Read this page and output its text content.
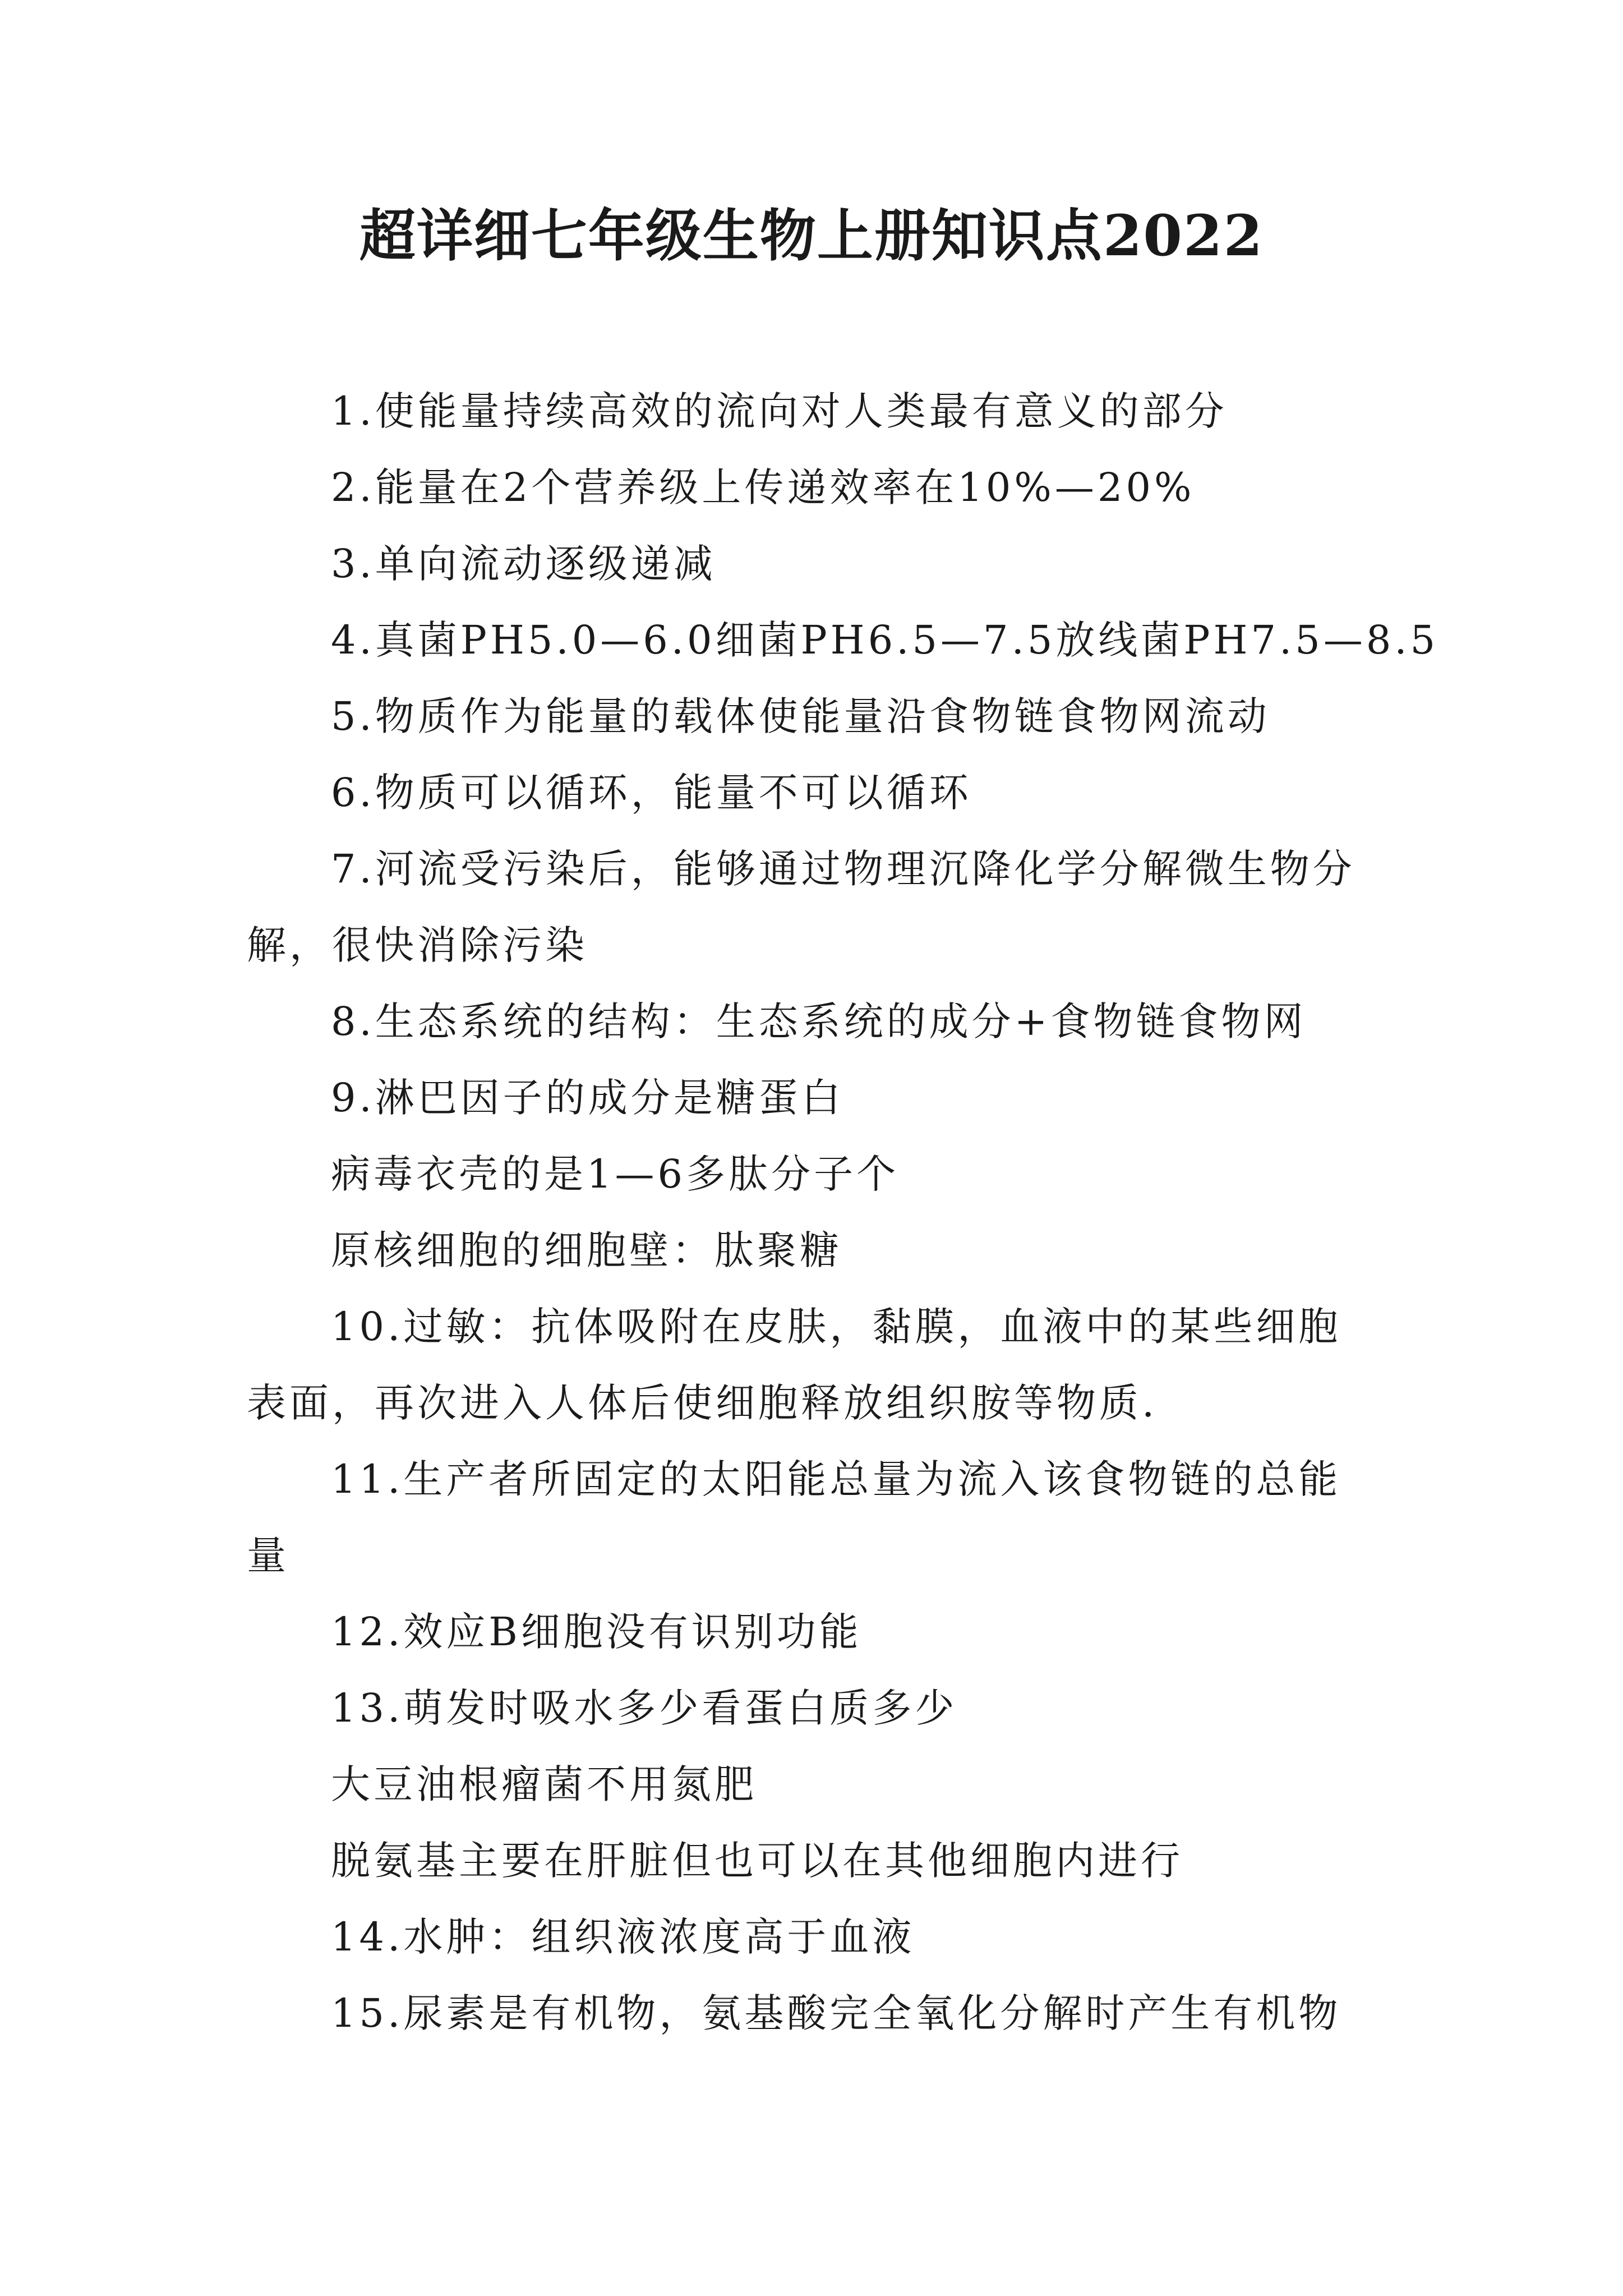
超详细七年级生物上册知识点2022

1.使能量持续高效的流向对人类最有意义的部分

2.能量在2个营养级上传递效率在10%—20%

3.单向流动逐级递减

4.真菌PH5.0—6.0细菌PH6.5—7.5放线菌PH7.5—8.5

5.物质作为能量的载体使能量沿食物链食物网流动

6.物质可以循环，能量不可以循环

7.河流受污染后，能够通过物理沉降化学分解微生物分解，很快消除污染

8.生态系统的结构：生态系统的成分+食物链食物网

9.淋巴因子的成分是糖蛋白

病毒衣壳的是1—6多肽分子个

原核细胞的细胞壁：肽聚糖

10.过敏：抗体吸附在皮肤，黏膜，血液中的某些细胞表面，再次进入人体后使细胞释放组织胺等物质.

11.生产者所固定的太阳能总量为流入该食物链的总能量

12.效应B细胞没有识别功能

13.萌发时吸水多少看蛋白质多少

大豆油根瘤菌不用氮肥

脱氨基主要在肝脏但也可以在其他细胞内进行

14.水肿：组织液浓度高于血液

15.尿素是有机物，氨基酸完全氧化分解时产生有机物
